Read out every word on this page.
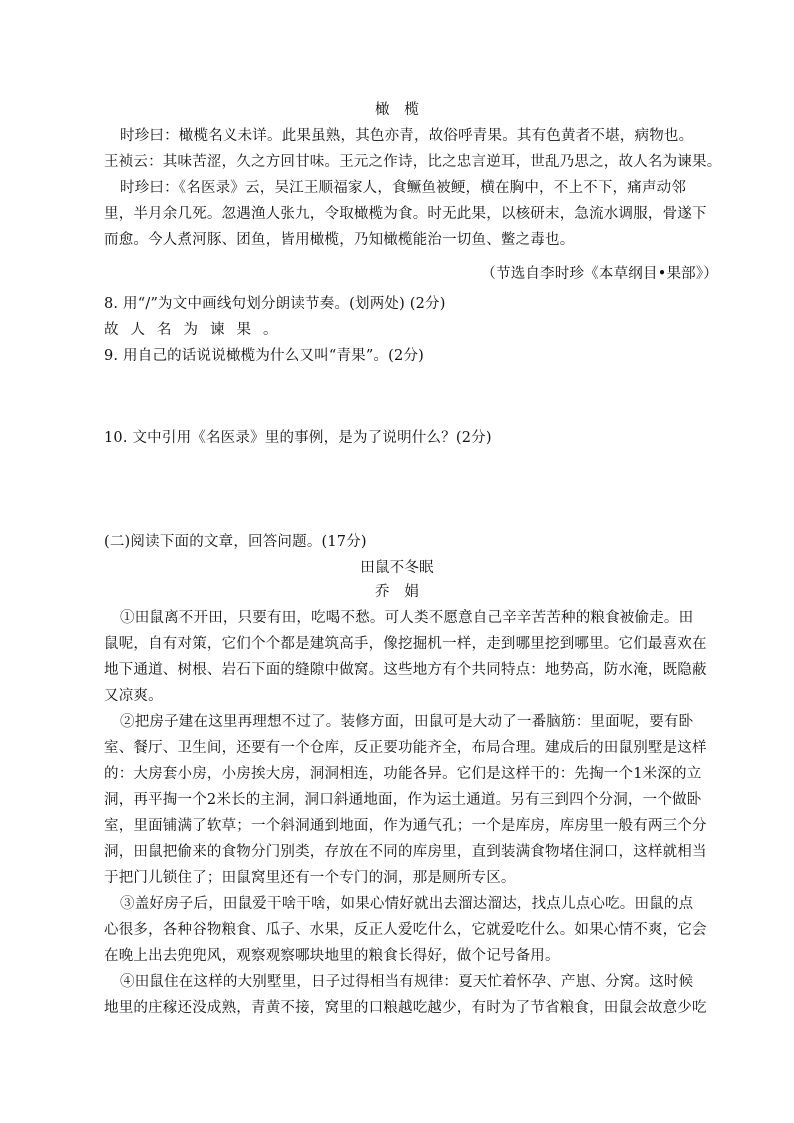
橄　榄
时珍曰：橄榄名义未详。此果虽熟，其色亦青，故俗呼青果。其有色黄者不堪，病物也。
王祯云：其味苦涩，久之方回甘味。王元之作诗，比之忠言逆耳，世乱乃思之，故人名为谏果。
时珍曰：《名医录》云，吴江王顺福家人，食鳜鱼被鲠，横在胸中，不上不下，痛声动邻
里，半月余几死。忽遇渔人张九，令取橄榄为食。时无此果，以核研末，急流水调服，骨遂下
而愈。今人煮河豚、团鱼，皆用橄榄，乃知橄榄能治一切鱼、鳖之毒也。
（节选自李时珍《本草纲目•果部》）
8. 用“/”为文中画线句划分朗读节奏。(划两处) (2分)
故人名为谏果。
9. 用自己的话说说橄榄为什么又叫“青果”。(2分)
10. 文中引用《名医录》里的事例，是为了说明什么？(2分)
(二)阅读下面的文章，回答问题。(17分)
田鼠不冬眠
乔　娟
①田鼠离不开田，只要有田，吃喝不愁。可人类不愿意自己辛辛苦苦种的粮食被偷走。田
鼠呢，自有对策，它们个个都是建筑高手，像挖掘机一样，走到哪里挖到哪里。它们最喜欢在
地下通道、树根、岩石下面的缝隙中做窝。这些地方有个共同特点：地势高，防水淹，既隐蔽
又凉爽。
②把房子建在这里再理想不过了。装修方面，田鼠可是大动了一番脑筋：里面呢，要有卧
室、餐厅、卫生间，还要有一个仓库，反正要功能齐全，布局合理。建成后的田鼠别墅是这样
的：大房套小房，小房挨大房，洞洞相连，功能各异。它们是这样干的：先掏一个1米深的立
洞，再平掏一个2米长的主洞，洞口斜通地面，作为运土通道。另有三到四个分洞，一个做卧
室，里面铺满了软草；一个斜洞通到地面，作为通气孔；一个是库房，库房里一般有两三个分
洞，田鼠把偷来的食物分门别类，存放在不同的库房里，直到装满食物堵住洞口，这样就相当
于把门儿锁住了；田鼠窝里还有一个专门的洞，那是厕所专区。
③盖好房子后，田鼠爱干啥干啥，如果心情好就出去溜达溜达，找点儿点心吃。田鼠的点
心很多，各种谷物粮食、瓜子、水果，反正人爱吃什么，它就爱吃什么。如果心情不爽，它会
在晚上出去兜兜风，观察观察哪块地里的粮食长得好，做个记号备用。
④田鼠住在这样的大别墅里，日子过得相当有规律：夏天忙着怀孕、产崽、分窝。这时候
地里的庄稼还没成熟，青黄不接，窝里的口粮越吃越少，有时为了节省粮食，田鼠会故意少吃
